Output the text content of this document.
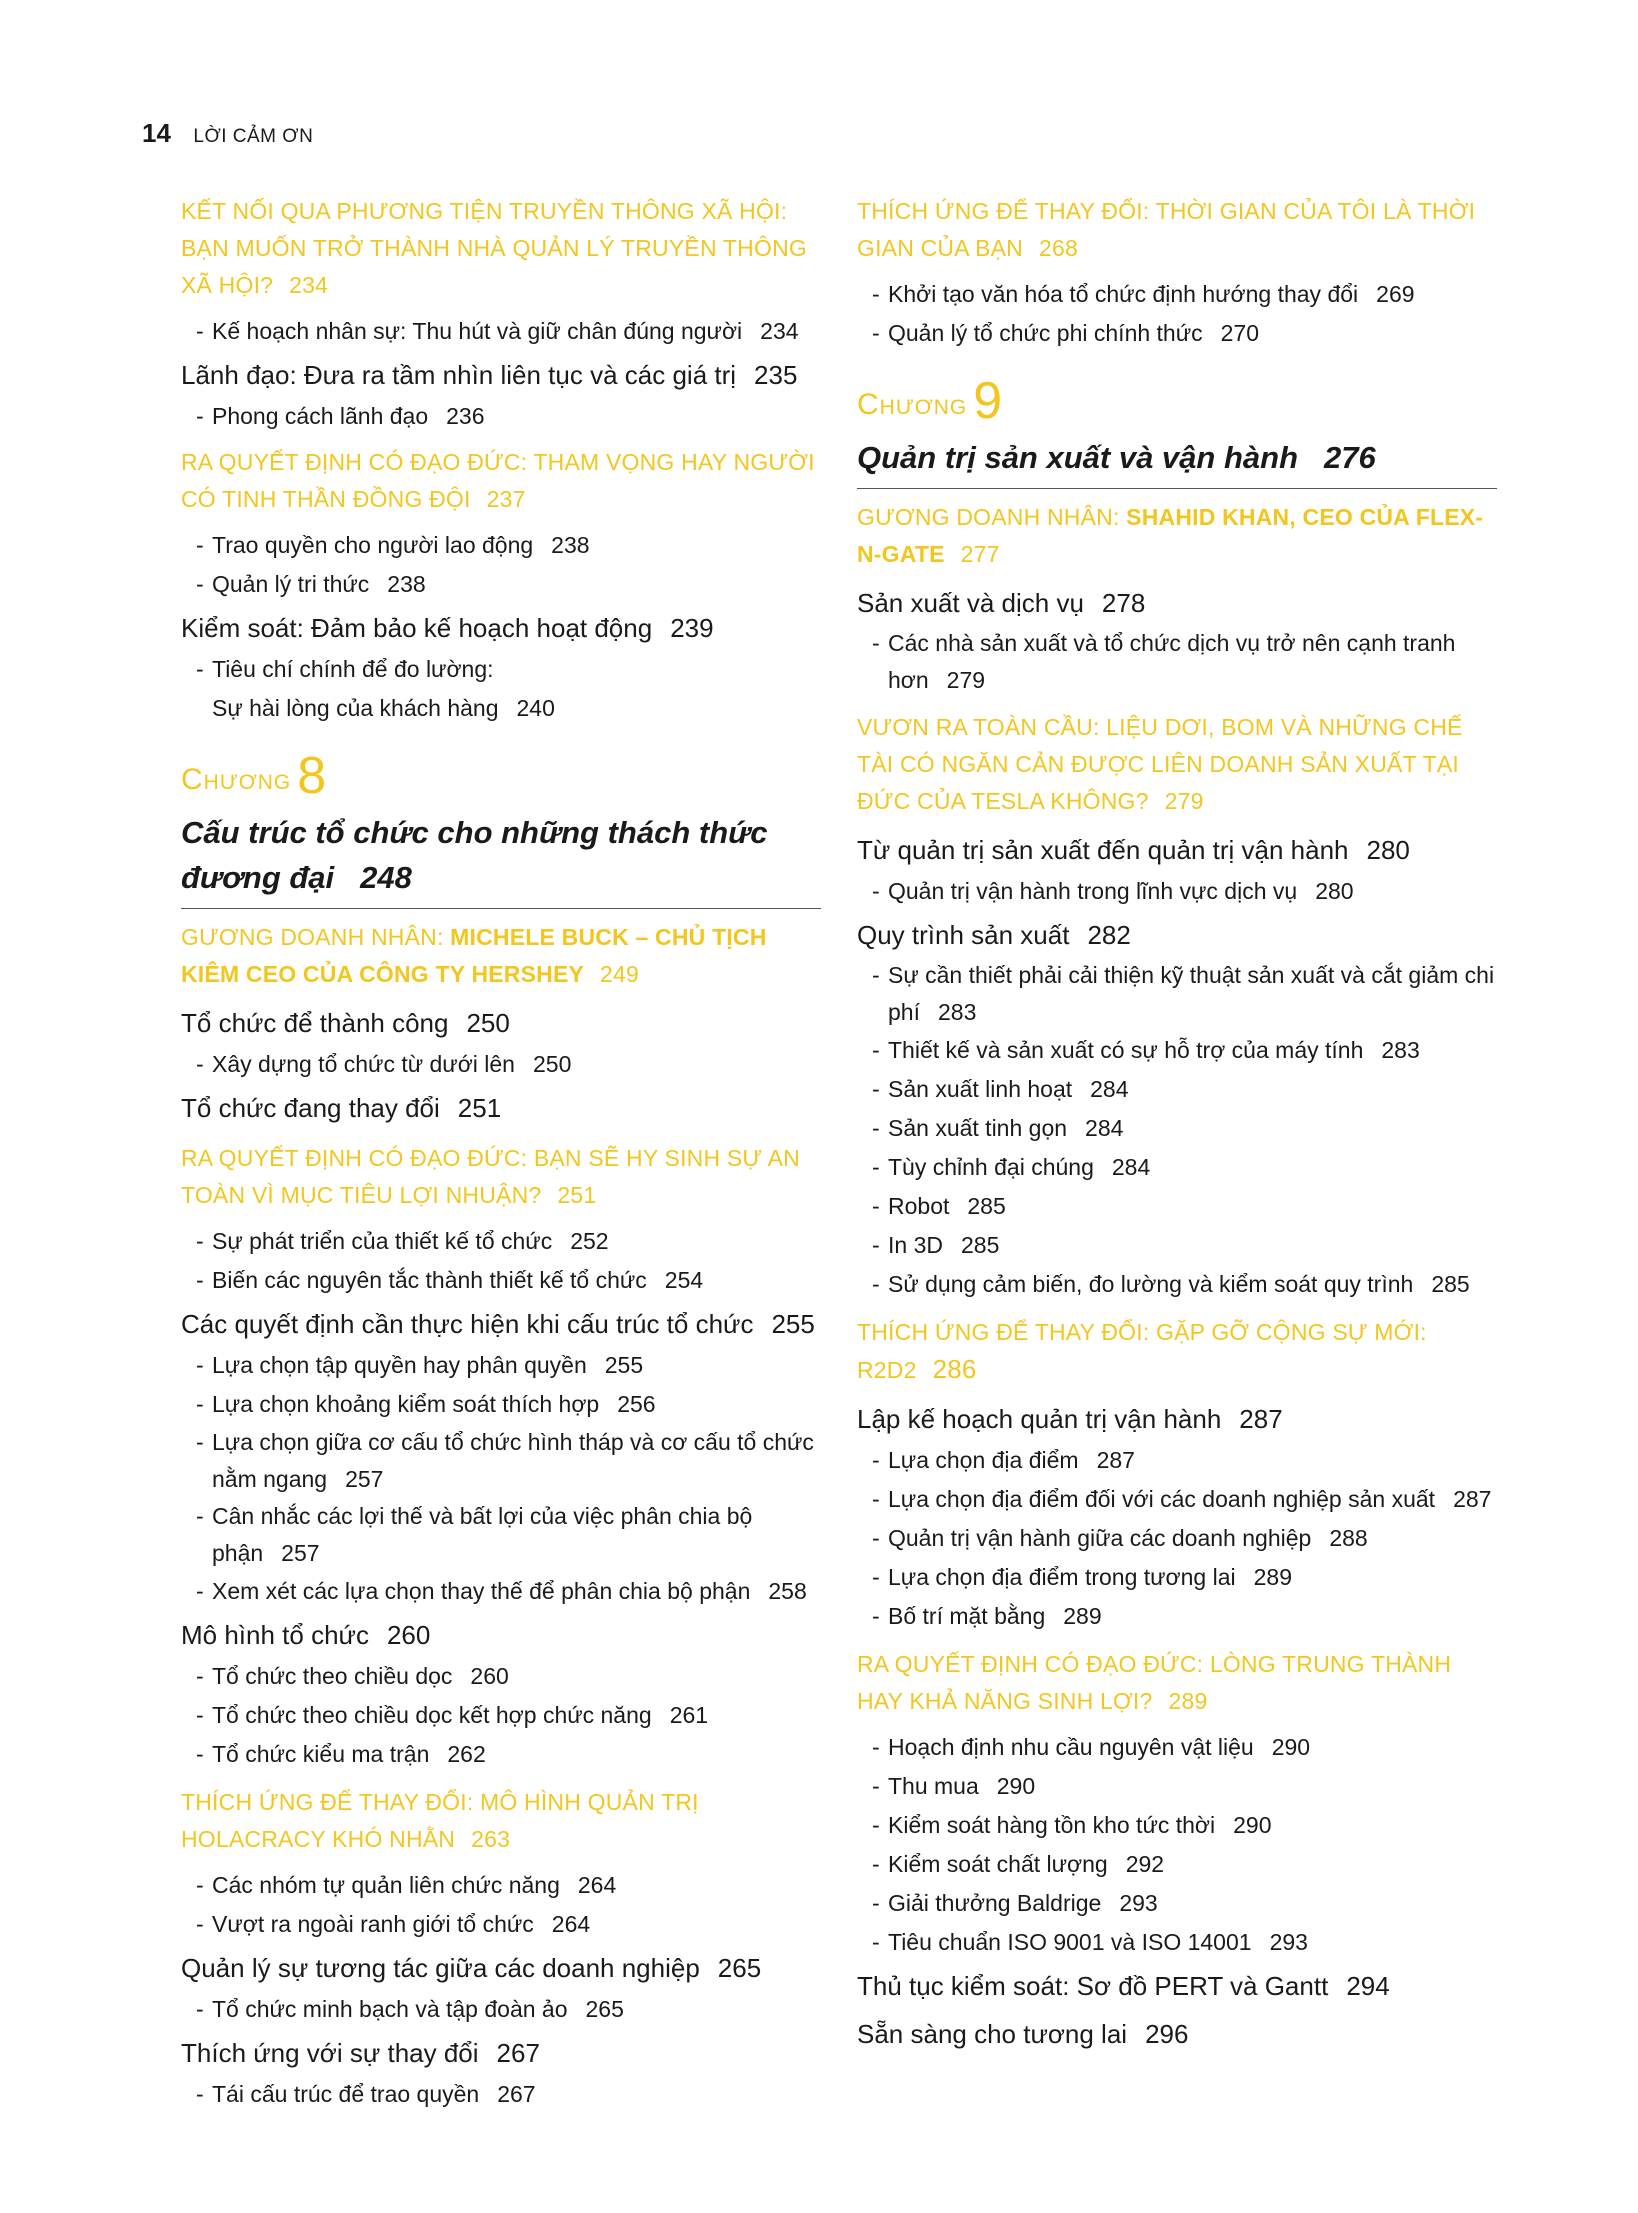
14 LỜI CẢM ƠN
KẾT NỐI QUA PHƯƠNG TIỆN TRUYỀN THÔNG XÃ HỘI: BẠN MUỐN TRỞ THÀNH NHÀ QUẢN LÝ TRUYỀN THÔNG XÃ HỘI? 234
- Kế hoạch nhân sự: Thu hút và giữ chân đúng người 234
Lãnh đạo: Đưa ra tầm nhìn liên tục và các giá trị 235
- Phong cách lãnh đạo 236
RA QUYẾT ĐỊNH CÓ ĐẠO ĐỨC: THAM VỌNG HAY NGƯỜI CÓ TINH THẦN ĐỒNG ĐỘI 237
- Trao quyền cho người lao động 238
- Quản lý tri thức 238
Kiểm soát: Đảm bảo kế hoạch hoạt động 239
- Tiêu chí chính để đo lường:
Sự hài lòng của khách hàng 240
Chương 8
Cấu trúc tổ chức cho những thách thức
đương đại 248
GƯƠNG DOANH NHÂN: MICHELE BUCK – CHỦ TỊCH KIÊM CEO CỦA CÔNG TY HERSHEY 249
Tổ chức để thành công 250
- Xây dựng tổ chức từ dưới lên 250
Tổ chức đang thay đổi 251
RA QUYẾT ĐỊNH CÓ ĐẠO ĐỨC: BẠN SẼ HY SINH SỰ AN TOÀN VÌ MỤC TIÊU LỢI NHUẬN? 251
- Sự phát triển của thiết kế tổ chức 252
- Biến các nguyên tắc thành thiết kế tổ chức 254
Các quyết định cần thực hiện khi cấu trúc tổ chức 255
- Lựa chọn tập quyền hay phân quyền 255
- Lựa chọn khoảng kiểm soát thích hợp 256
- Lựa chọn giữa cơ cấu tổ chức hình tháp và cơ cấu tổ chức nằm ngang 257
- Cân nhắc các lợi thế và bất lợi của việc phân chia bộ phận 257
- Xem xét các lựa chọn thay thế để phân chia bộ phận 258
Mô hình tổ chức 260
- Tổ chức theo chiều dọc 260
- Tổ chức theo chiều dọc kết hợp chức năng 261
- Tổ chức kiểu ma trận 262
THÍCH ỨNG ĐỂ THAY ĐỔI: MÔ HÌNH QUẢN TRỊ HOLACRACY KHÓ NHẰN 263
- Các nhóm tự quản liên chức năng 264
- Vượt ra ngoài ranh giới tổ chức 264
Quản lý sự tương tác giữa các doanh nghiệp 265
- Tổ chức minh bạch và tập đoàn ảo 265
Thích ứng với sự thay đổi 267
- Tái cấu trúc để trao quyền 267
THÍCH ỨNG ĐỂ THAY ĐỔI: THỜI GIAN CỦA TÔI LÀ THỜI GIAN CỦA BẠN 268
- Khởi tạo văn hóa tổ chức định hướng thay đổi 269
- Quản lý tổ chức phi chính thức 270
Chương 9
Quản trị sản xuất và vận hành 276
GƯƠNG DOANH NHÂN: SHAHID KHAN, CEO CỦA FLEX-N-GATE 277
Sản xuất và dịch vụ 278
- Các nhà sản xuất và tổ chức dịch vụ trở nên cạnh tranh hơn 279
VƯƠN RA TOÀN CẦU: LIỆU DƠI, BOM VÀ NHỮNG CHẾ TÀI CÓ NGĂN CẢN ĐƯỢC LIÊN DOANH SẢN XUẤT TẠI ĐỨC CỦA TESLA KHÔNG? 279
Từ quản trị sản xuất đến quản trị vận hành 280
- Quản trị vận hành trong lĩnh vực dịch vụ 280
Quy trình sản xuất 282
- Sự cần thiết phải cải thiện kỹ thuật sản xuất và cắt giảm chi phí 283
- Thiết kế và sản xuất có sự hỗ trợ của máy tính 283
- Sản xuất linh hoạt 284
- Sản xuất tinh gọn 284
- Tùy chỉnh đại chúng 284
- Robot 285
- In 3D 285
- Sử dụng cảm biến, đo lường và kiểm soát quy trình 285
THÍCH ỨNG ĐỂ THAY ĐỔI: GẶP GỠ CỘNG SỰ MỚI: R2D2 286
Lập kế hoạch quản trị vận hành 287
- Lựa chọn địa điểm 287
- Lựa chọn địa điểm đối với các doanh nghiệp sản xuất 287
- Quản trị vận hành giữa các doanh nghiệp 288
- Lựa chọn địa điểm trong tương lai 289
- Bố trí mặt bằng 289
RA QUYẾT ĐỊNH CÓ ĐẠO ĐỨC: LÒNG TRUNG THÀNH HAY KHẢ NĂNG SINH LỢI? 289
- Hoạch định nhu cầu nguyên vật liệu 290
- Thu mua 290
- Kiểm soát hàng tồn kho tức thời 290
- Kiểm soát chất lượng 292
- Giải thưởng Baldrige 293
- Tiêu chuẩn ISO 9001 và ISO 14001 293
Thủ tục kiểm soát: Sơ đồ PERT và Gantt 294
Sẵn sàng cho tương lai 296
